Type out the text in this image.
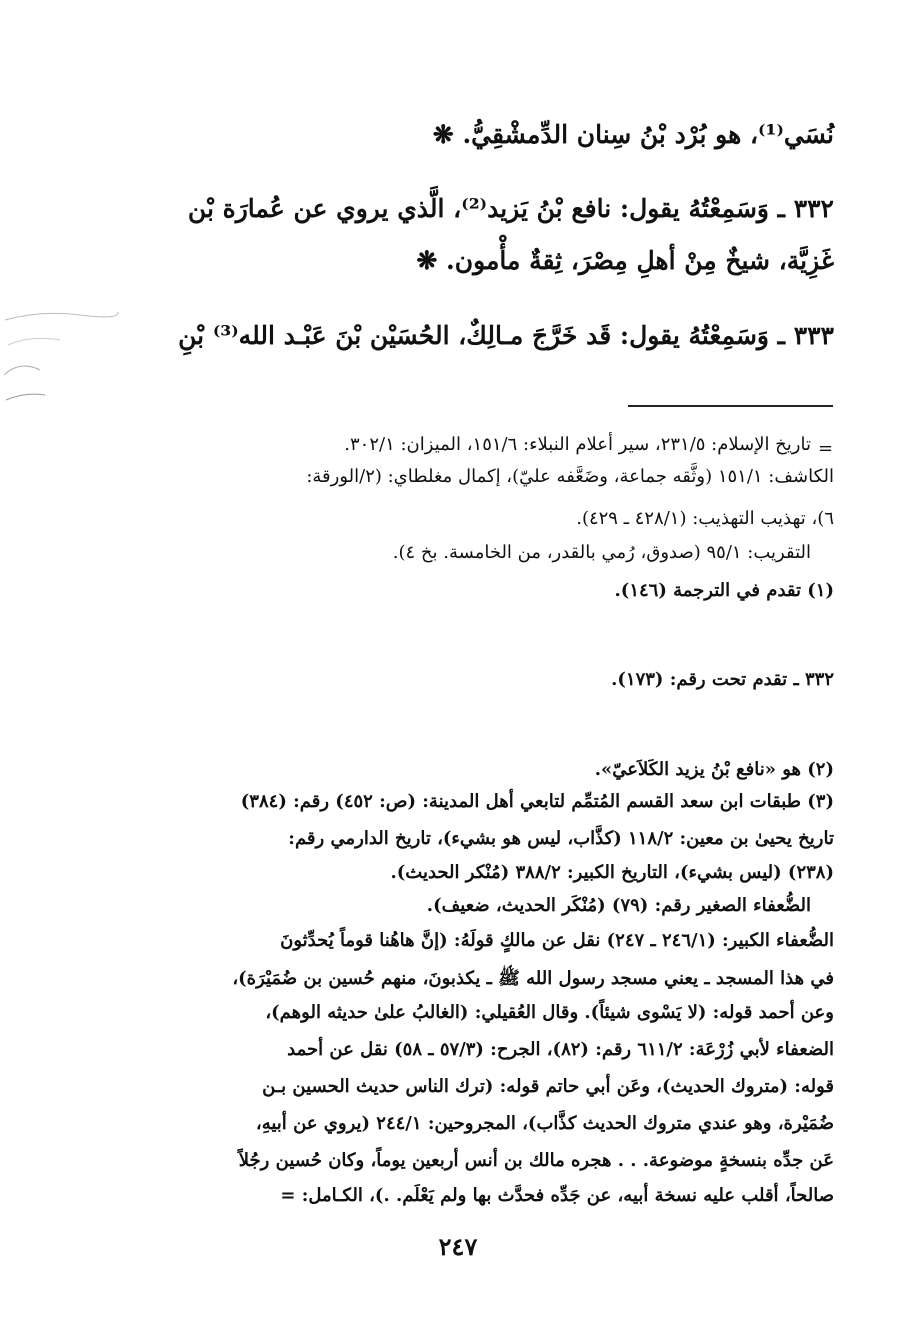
نُسَي⁽¹⁾، هو بُرْد بْنُ سِنان الدِّمشْقِيُّ. ❋
٣٣٢ ـ وَسَمِعْتُهُ يقول: نافع بْنُ يَزيد⁽²⁾، الَّذي يروي عن عُمارَة بْن
غَزِيَّة، شيخٌ مِنْ أهلِ مِصْرَ، ثِقةٌ مأْمون. ❋
٣٣٣ ـ وَسَمِعْتُهُ يقول: قَد خَرَّجَ مـالِكٌ، الحُسَيْن بْنَ عَبْـد الله⁽³⁾ بْنِ
=
تاريخ الإسلام: ٢٣١/٥، سير أعلام النبلاء: ١٥١/٦، الميزان: ٣٠٢/١.
الكاشف: ١٥١/١ (وثَّقه جماعة، وضَعَّفه عليّ)، إكمال مغلطاي: (٢/الورقة:
٦)، تهذيب التهذيب: (٤٢٨/١ ـ ٤٢٩).
التقريب: ٩٥/١ (صدوق، رُمي بالقدر، من الخامسة. بخ ٤).
(١) تقدم في الترجمة (١٤٦).
٣٣٢ ـ تقدم تحت رقم: (١٧٣).
(٢) هو «نافع بْنُ يزيد الكَلاَعيّ».
(٣) طبقات ابن سعد القسم المُتمِّم لتابعي أهل المدينة: (ص: ٤٥٢) رقم: (٣٨٤)
تاريخ يحيىٰ بن معين: ١١٨/٢ (كذَّاب، ليس هو بشيء)، تاريخ الدارمي رقم:
(٢٣٨) (ليس بشيء)، التاريخ الكبير: ٣٨٨/٢ (مُنْكر الحديث).
الضُّعفاء الصغير رقم: (٧٩) (مُنْكَر الحديث، ضعيف).
الضُّعفاء الكبير: (٢٤٦/١ ـ ٢٤٧) نقل عن مالكٍ قولَهُ: (إنَّ هاهُنا قوماً يُحدِّثونَ
في هذا المسجد ـ يعني مسجد رسول الله ﷺ ـ يكذبونَ، منهم حُسين بن ضُمَيْرَة)،
وعن أحمد قوله: (لا يَسْوى شيئاً). وقال العُقيلي: (الغالبُ علىٰ حديثه الوهم)،
الضعفاء لأبي زُرْعَة: ٦١١/٢ رقم: (٨٢)، الجرح: (٥٧/٣ ـ ٥٨) نقل عن أحمد
قوله: (متروك الحديث)، وعَن أبي حاتم قوله: (ترك الناس حديث الحسين بـن
ضُمَيْرة، وهو عندي متروك الحديث كذَّاب)، المجروحين: ٢٤٤/١ (يروي عن أبيهِ،
عَن جدِّه بنسخةٍ موضوعة. . . هجره مالك بن أنس أربعين يوماً، وكان حُسين رجُلاً
صالحاً، أقلب عليه نسخة أبيه، عن جَدِّه فحدَّث بها ولم يَعْلَم. .)، الكـامل: =
٢٤٧
